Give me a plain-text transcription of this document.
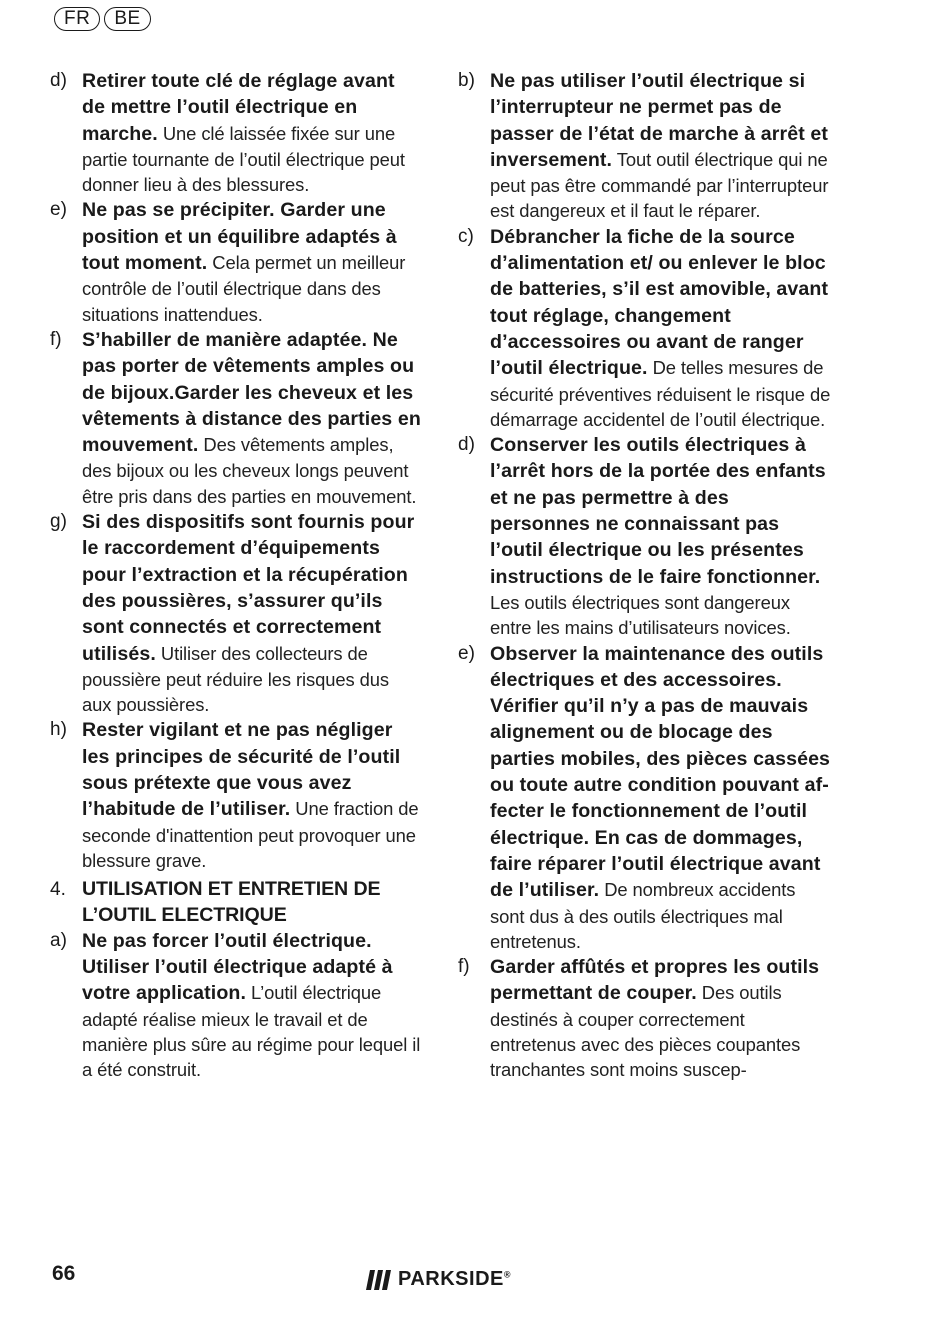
FR	BE
d) Retirer toute clé de réglage avant de mettre l’outil électrique en marche. Une clé laissée fixée sur une partie tournante de l’outil électrique peut donner lieu à des blessures.
e) Ne pas se précipiter. Garder une position et un équilibre adaptés à tout moment. Cela permet un meilleur contrôle de l’outil électrique dans des situations inattendues.
f)	S’habiller de manière adaptée. Ne pas porter de vêtements amples ou de bijoux.Garder les cheveux et les vêtements à distance des parties en mouvement. Des vêtements amples, des bijoux ou les cheveux longs peuvent être pris dans des parties en mouvement.
g) Si des dispositifs sont fournis pour le raccordement d’équipements pour l’extraction et la récupération des poussières, s’assurer qu’ils sont connectés et correctement utilisés. Utiliser des collecteurs de poussière peut réduire les risques dus aux poussières.
h) Rester vigilant et ne pas négliger les principes de sécurité de l’outil sous prétexte que vous avez l’habitude de l’utiliser. Une fraction de seconde d'inattention peut provoquer une blessure grave.
4. UTILISATION ET ENTRETIEN DE L’OUTIL ELECTRIQUE
a) Ne pas forcer l’outil électrique. Utiliser l’outil électrique adapté à votre application. L’outil électrique adapté réalise mieux le travail et de manière plus sûre au régime pour lequel il a été construit.
b) Ne pas utiliser l’outil électrique si l’interrupteur ne permet pas de passer de l’état de marche à arrêt et inversement. Tout outil électrique qui ne peut pas être commandé par l’interrupteur est dangereux et il faut le réparer.
c) Débrancher la fiche de la source d’alimentation et/ ou enlever le bloc de batteries, s’il est amovible, avant tout réglage, changement d’accessoires ou avant de ranger l’outil électrique. De telles mesures de sécurité préventives réduisent le risque de démarrage accidentel de l’outil électrique.
d) Conserver les outils électriques à l’arrêt hors de la portée des enfants et ne pas permettre à des personnes ne connaissant pas l’outil électrique ou les présentes instructions de le faire fonctionner. Les outils électriques sont dangereux entre les mains d’utilisateurs novices.
e) Observer la maintenance des outils électriques et des accessoires. Vérifier qu’il n’y a pas de mauvais alignement ou de blocage des parties mobiles, des pièces cassées ou toute autre condition pouvant affecter le fonctionnement de l’outil électrique. En cas de dommages, faire réparer l’outil électrique avant de l’utiliser. De nombreux accidents sont dus à des outils électriques mal entretenus.
f)	Garder affûtés et propres les outils permettant de couper. Des outils destinés à couper correctement entretenus avec des pièces coupantes tranchantes sont moins suscep-
66	PARKSIDE®
